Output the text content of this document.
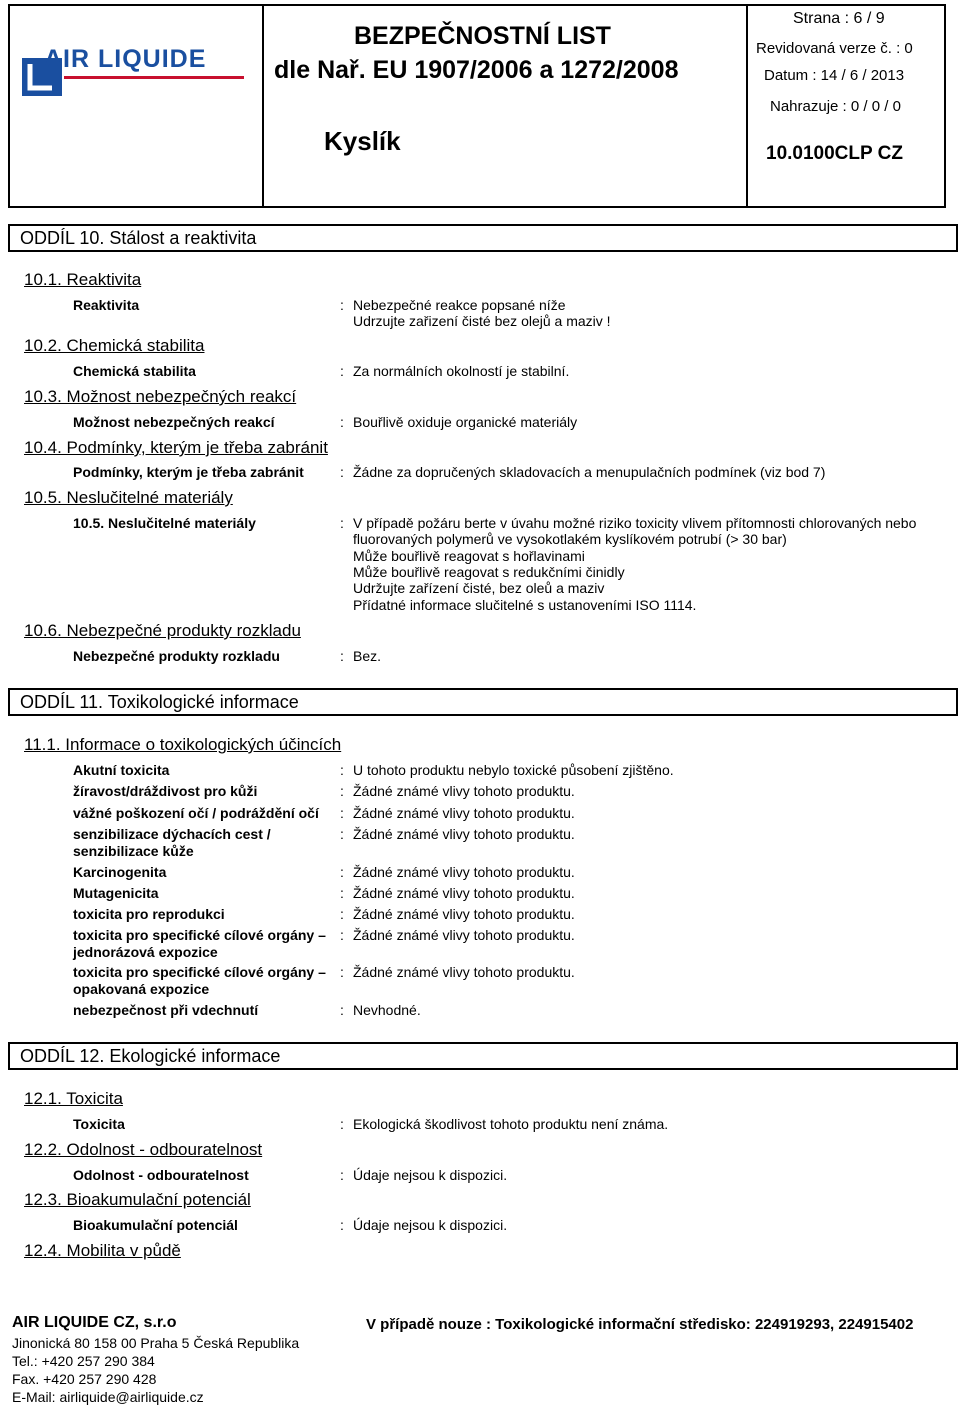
AIR LIQUIDE
BEZPEČNOSTNÍ LIST
dle Nař. EU 1907/2006 a 1272/2008
Kyslík
Strana : 6 / 9
Revidovaná verze č. : 0
Datum : 14 / 6 / 2013
Nahrazuje : 0 / 0 / 0
10.0100CLP CZ
ODDÍL 10. Stálost a reaktivita
10.1. Reaktivita
Reaktivita	: Nebezpečné reakce popsané níže
Udrzujte zařizení čisté bez olejů a maziv !
10.2. Chemická stabilita
Chemická stabilita	: Za normálních okolností je stabilní.
10.3. Možnost nebezpečných reakcí
Možnost nebezpečných reakcí	: Bouřlivě oxiduje organické materiály
10.4. Podmínky, kterým je třeba zabránit
Podmínky, kterým je třeba zabránit	: Žádne za dopručených skladovacích a menupulačních podmínek (viz bod 7)
10.5. Neslučitelné materiály
10.5. Neslučitelné materiály	: V případě požáru berte v úvahu možné riziko toxicity vlivem přítomnosti chlorovaných nebo
fluorovaných polymerů ve vysokotlakém kyslíkovém potrubí (> 30 bar)
Může bouřlivě reagovat s hořlavinami
Může bouřlivě reagovat s redukčními činidly
Udržujte zařízení čisté, bez oleů a maziv
Přídatné informace slučitelné s ustanoveními ISO 1114.
10.6. Nebezpečné produkty rozkladu
Nebezpečné produkty rozkladu	: Bez.
ODDÍL 11. Toxikologické informace
11.1. Informace o toxikologických účincích
Akutní toxicita	: U tohoto produktu nebylo toxické působení zjištěno.
žíravost/dráždivost pro kůži	: Žádné známé vlivy tohoto produktu.
vážné poškození očí / podráždění očí	: Žádné známé vlivy tohoto produktu.
senzibilizace dýchacích cest / senzibilizace kůže
: Žádné známé vlivy tohoto produktu.
Karcinogenita	: Žádné známé vlivy tohoto produktu.
Mutagenicita	: Žádné známé vlivy tohoto produktu.
toxicita pro reprodukci	: Žádné známé vlivy tohoto produktu.
toxicita pro specifické cílové orgány – jednorázová expozice
: Žádné známé vlivy tohoto produktu.
toxicita pro specifické cílové orgány – opakovaná expozice
: Žádné známé vlivy tohoto produktu.
nebezpečnost při vdechnutí	: Nevhodné.
ODDÍL 12. Ekologické informace
12.1. Toxicita
Toxicita	: Ekologická škodlivost tohoto produktu není známa.
12.2. Odolnost - odbouratelnost
Odolnost - odbouratelnost	: Údaje nejsou k dispozici.
12.3. Bioakumulační potenciál
Bioakumulační potenciál	: Údaje nejsou k dispozici.
12.4. Mobilita v půdě
AIR LIQUIDE CZ, s.r.o
Jinonická 80 158 00 Praha 5 Česká Republika
Tel.: +420 257 290 384
Fax. +420 257 290 428
E-Mail: airliquide@airliquide.cz
V případě nouze : Toxikologické informační středisko: 224919293, 224915402
